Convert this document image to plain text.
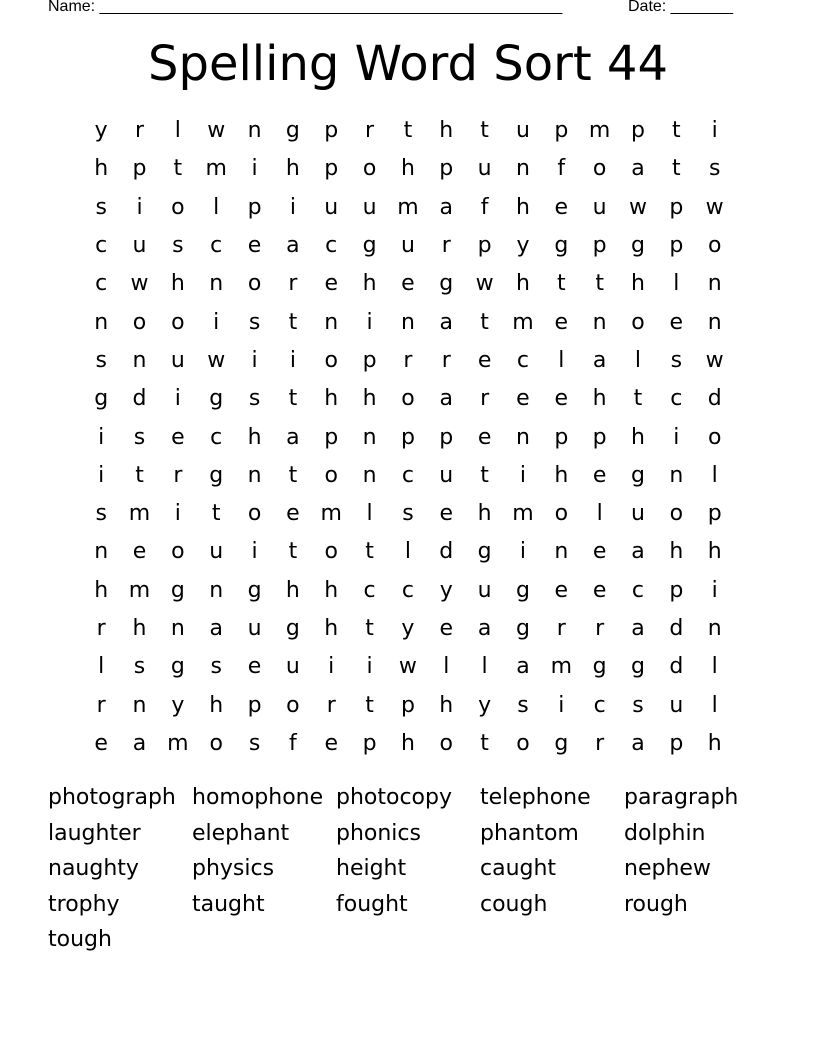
Name: ____________________________________________________	Date: _______
Spelling Word Sort 44
y	r	l	w	n	g	p	r	t	h	t	u	p m p	t	i
h	p	t	m	i	h	p	o	h	p	u	n	f	o	a	t	s
s	i	o	l	p	i	u	u m a	f	h	e	u	w	p	w
c	u	s	c	e	a	c	g	u	r	p	y	g	p	g	p	o
c	w	h	n	o	r	e	h	e	g	w	h	t	t	h	l	n
n	o	o	i	s	t	n	i	n	a	t	m e	n	o	e	n
s	n	u	w	i	i	o	p	r	r	e	c	l	a	l	s	w
g	d	i	g	s	t	h	h	o	a	r	e	e	h	t	c	d
i	s	e	c	h	a	p	n	p	p	e	n	p	p	h	i	o
i	t	r	g	n	t	o	n	c	u	t	i	h	e	g	n	l
s m	i	t	o	e m	l	s	e	h m o	l	u	o	p
n	e	o	u	i	t	o	t	l	d	g	i	n	e	a	h	h
h m g	n	g	h	h	c	c	y	u	g	e	e	c	p	i
r	h	n	a	u	g	h	t	y	e	a	g	r	r	a	d	n
l	s	g	s	e	u	i	i	w	l	l	a m g	g	d	l
r	n	y	h	p	o	r	t	p	h	y	s	i	c	s	u	l
e	a m o	s	f	e	p	h	o	t	o	g	r	a	p	h
photograph homophone photocopy	telephone	paragraph
laughter	elephant	phonics	phantom	dolphin
naughty	physics	height	caught	nephew
trophy	taught	fought	cough	rough
tough
